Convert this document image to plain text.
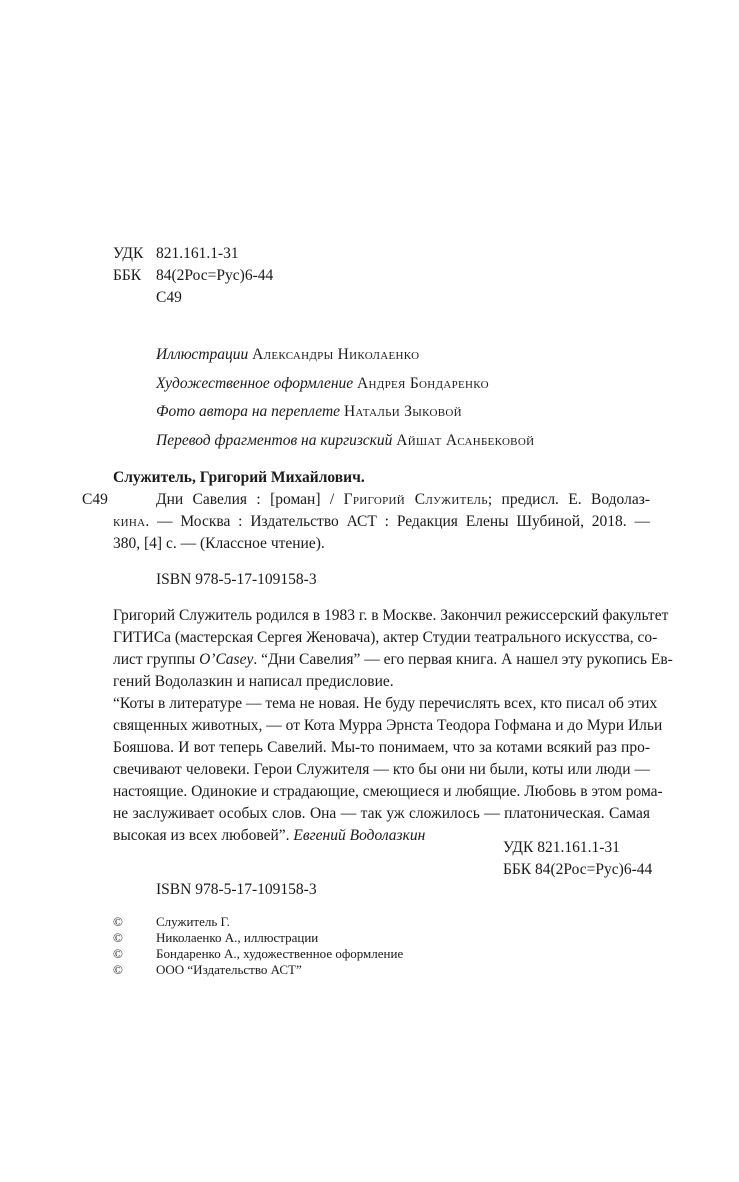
УДК 821.161.1-31
ББК 84(2Рос=Рус)6-44
С49
Иллюстрации Александры Николаенко
Художественное оформление Андрея Бондаренко
Фото автора на переплете Натальи Зыковой
Перевод фрагментов на киргизский Айшат Асанбековой
Служитель, Григорий Михайлович.
С49	Дни Савелия : [роман] / Григорий Служитель; предисл. Е. Водолаз-
кина. — Москва : Издательство АСТ : Редакция Елены Шубиной, 2018. —
380, [4] с. — (Классное чтение).
ISBN 978-5-17-109158-3
Григорий Служитель родился в 1983 г. в Москве. Закончил режиссерский факультет
ГИТИСа (мастерская Сергея Женовача), актер Студии театрального искусства, со-
лист группы O’Casey. “Дни Савелия” — его первая книга. А нашел эту рукопись Ев-
гений Водолазкин и написал предисловие.
“Коты в литературе — тема не новая. Не буду перечислять всех, кто писал об этих
священных животных, — от Кота Мурра Эрнста Теодора Гофмана и до Мури Ильи
Бояшова. И вот теперь Савелий. Мы-то понимаем, что за котами всякий раз про-
свечивают человеки. Герои Служителя — кто бы они ни были, коты или люди —
настоящие. Одинокие и страдающие, смеющиеся и любящие. Любовь в этом рома-
не заслуживает особых слов. Она — так уж сложилось — платоническая. Самая
высокая из всех любовей”. Евгений Водолазкин
УДК 821.161.1-31
ББК 84(2Рос=Рус)6-44
ISBN 978-5-17-109158-3
©	Служитель Г.
©	Николаенко А., иллюстрации
©	Бондаренко А., художественное оформление
©	ООО “Издательство АСТ”
